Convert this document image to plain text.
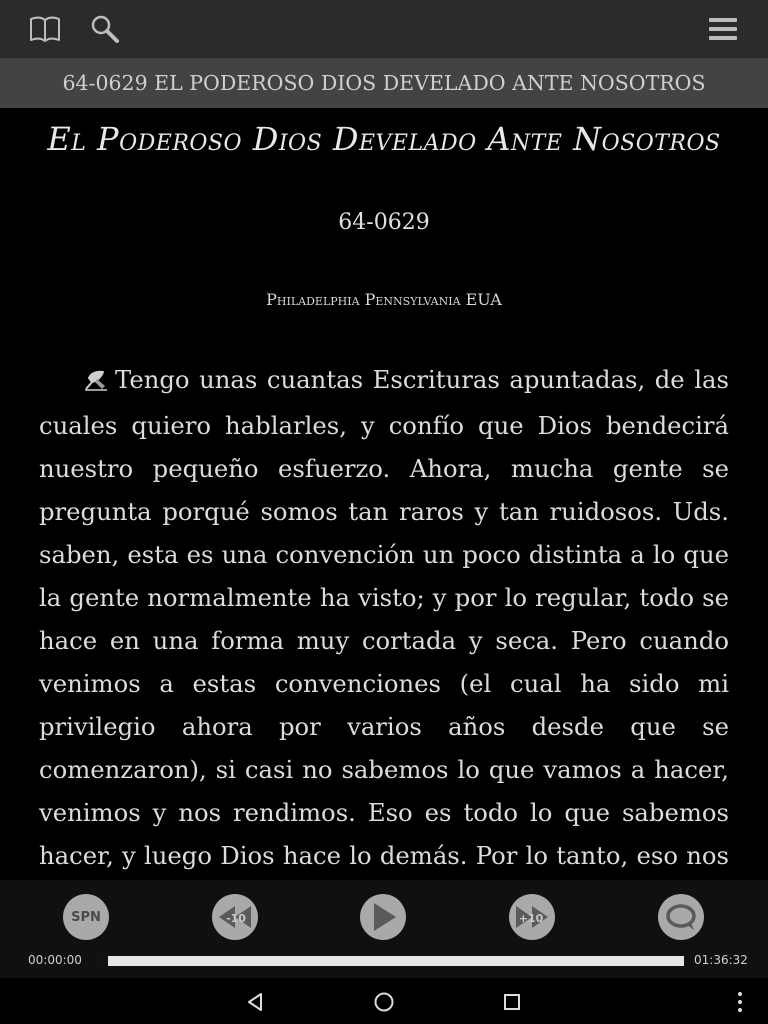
64-0629 EL PODEROSO DIOS DEVELADO ANTE NOSOTROS
El Poderoso Dios Develado Ante Nosotros
64-0629
Philadelphia Pennsylvania EUA

Tengo unas cuantas Escrituras apuntadas, de las cuales quiero hablarles, y confío que Dios bendecirá nuestro pequeño esfuerzo. Ahora, mucha gente se pregunta porqué somos tan raros y tan ruidosos. Uds. saben, esta es una convención un poco distinta a lo que la gente normalmente ha visto; y por lo regular, todo se hace en una forma muy cortada y seca. Pero cuando venimos a estas convenciones (el cual ha sido mi privilegio ahora por varios años desde que se comenzaron), si casi no sabemos lo que vamos a hacer, venimos y nos rendimos. Eso es todo lo que sabemos hacer, y luego Dios hace lo demás. Por lo tanto, eso nos

SPN	-10	+10
00:00:00	01:36:32
